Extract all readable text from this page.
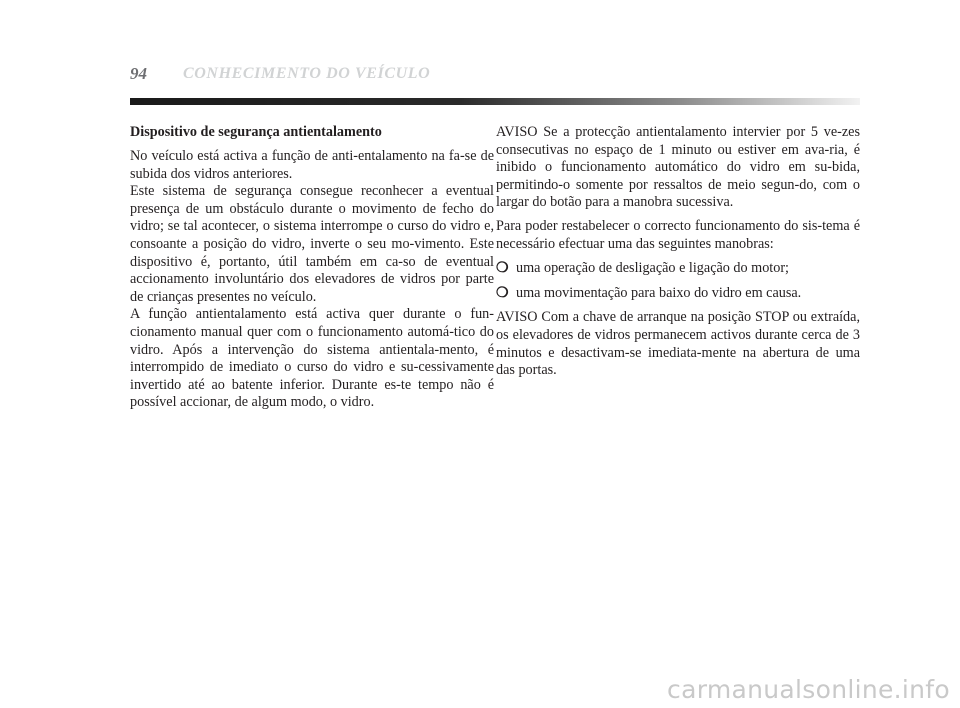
94 CONHECIMENTO DO VEÍCULO

Dispositivo de segurança antientalamento

No veículo está activa a função de anti-entalamento na fa-se de subida dos vidros anteriores.

Este sistema de segurança consegue reconhecer a eventual presença de um obstáculo durante o movimento de fecho do vidro; se tal acontecer, o sistema interrompe o curso do vidro e, consoante a posição do vidro, inverte o seu mo-vimento. Este dispositivo é, portanto, útil também em ca-so de eventual accionamento involuntário dos elevadores de vidros por parte de crianças presentes no veículo.

A função antientalamento está activa quer durante o fun-cionamento manual quer com o funcionamento automá-tico do vidro. Após a intervenção do sistema antientala-mento, é interrompido de imediato o curso do vidro e su-cessivamente invertido até ao batente inferior. Durante es-te tempo não é possível accionar, de algum modo, o vidro.

AVISO Se a protecção antientalamento intervier por 5 ve-zes consecutivas no espaço de 1 minuto ou estiver em ava-ria, é inibido o funcionamento automático do vidro em su-bida, permitindo-o somente por ressaltos de meio segun-do, com o largar do botão para a manobra sucessiva.

Para poder restabelecer o correcto funcionamento do sis-tema é necessário efectuar uma das seguintes manobras:

❍ uma operação de desligação e ligação do motor;
❍ uma movimentação para baixo do vidro em causa.

AVISO Com a chave de arranque na posição STOP ou extraída, os elevadores de vidros permanecem activos durante cerca de 3 minutos e desactivam-se imediata-mente na abertura de uma das portas.

carmanualsonline.info
